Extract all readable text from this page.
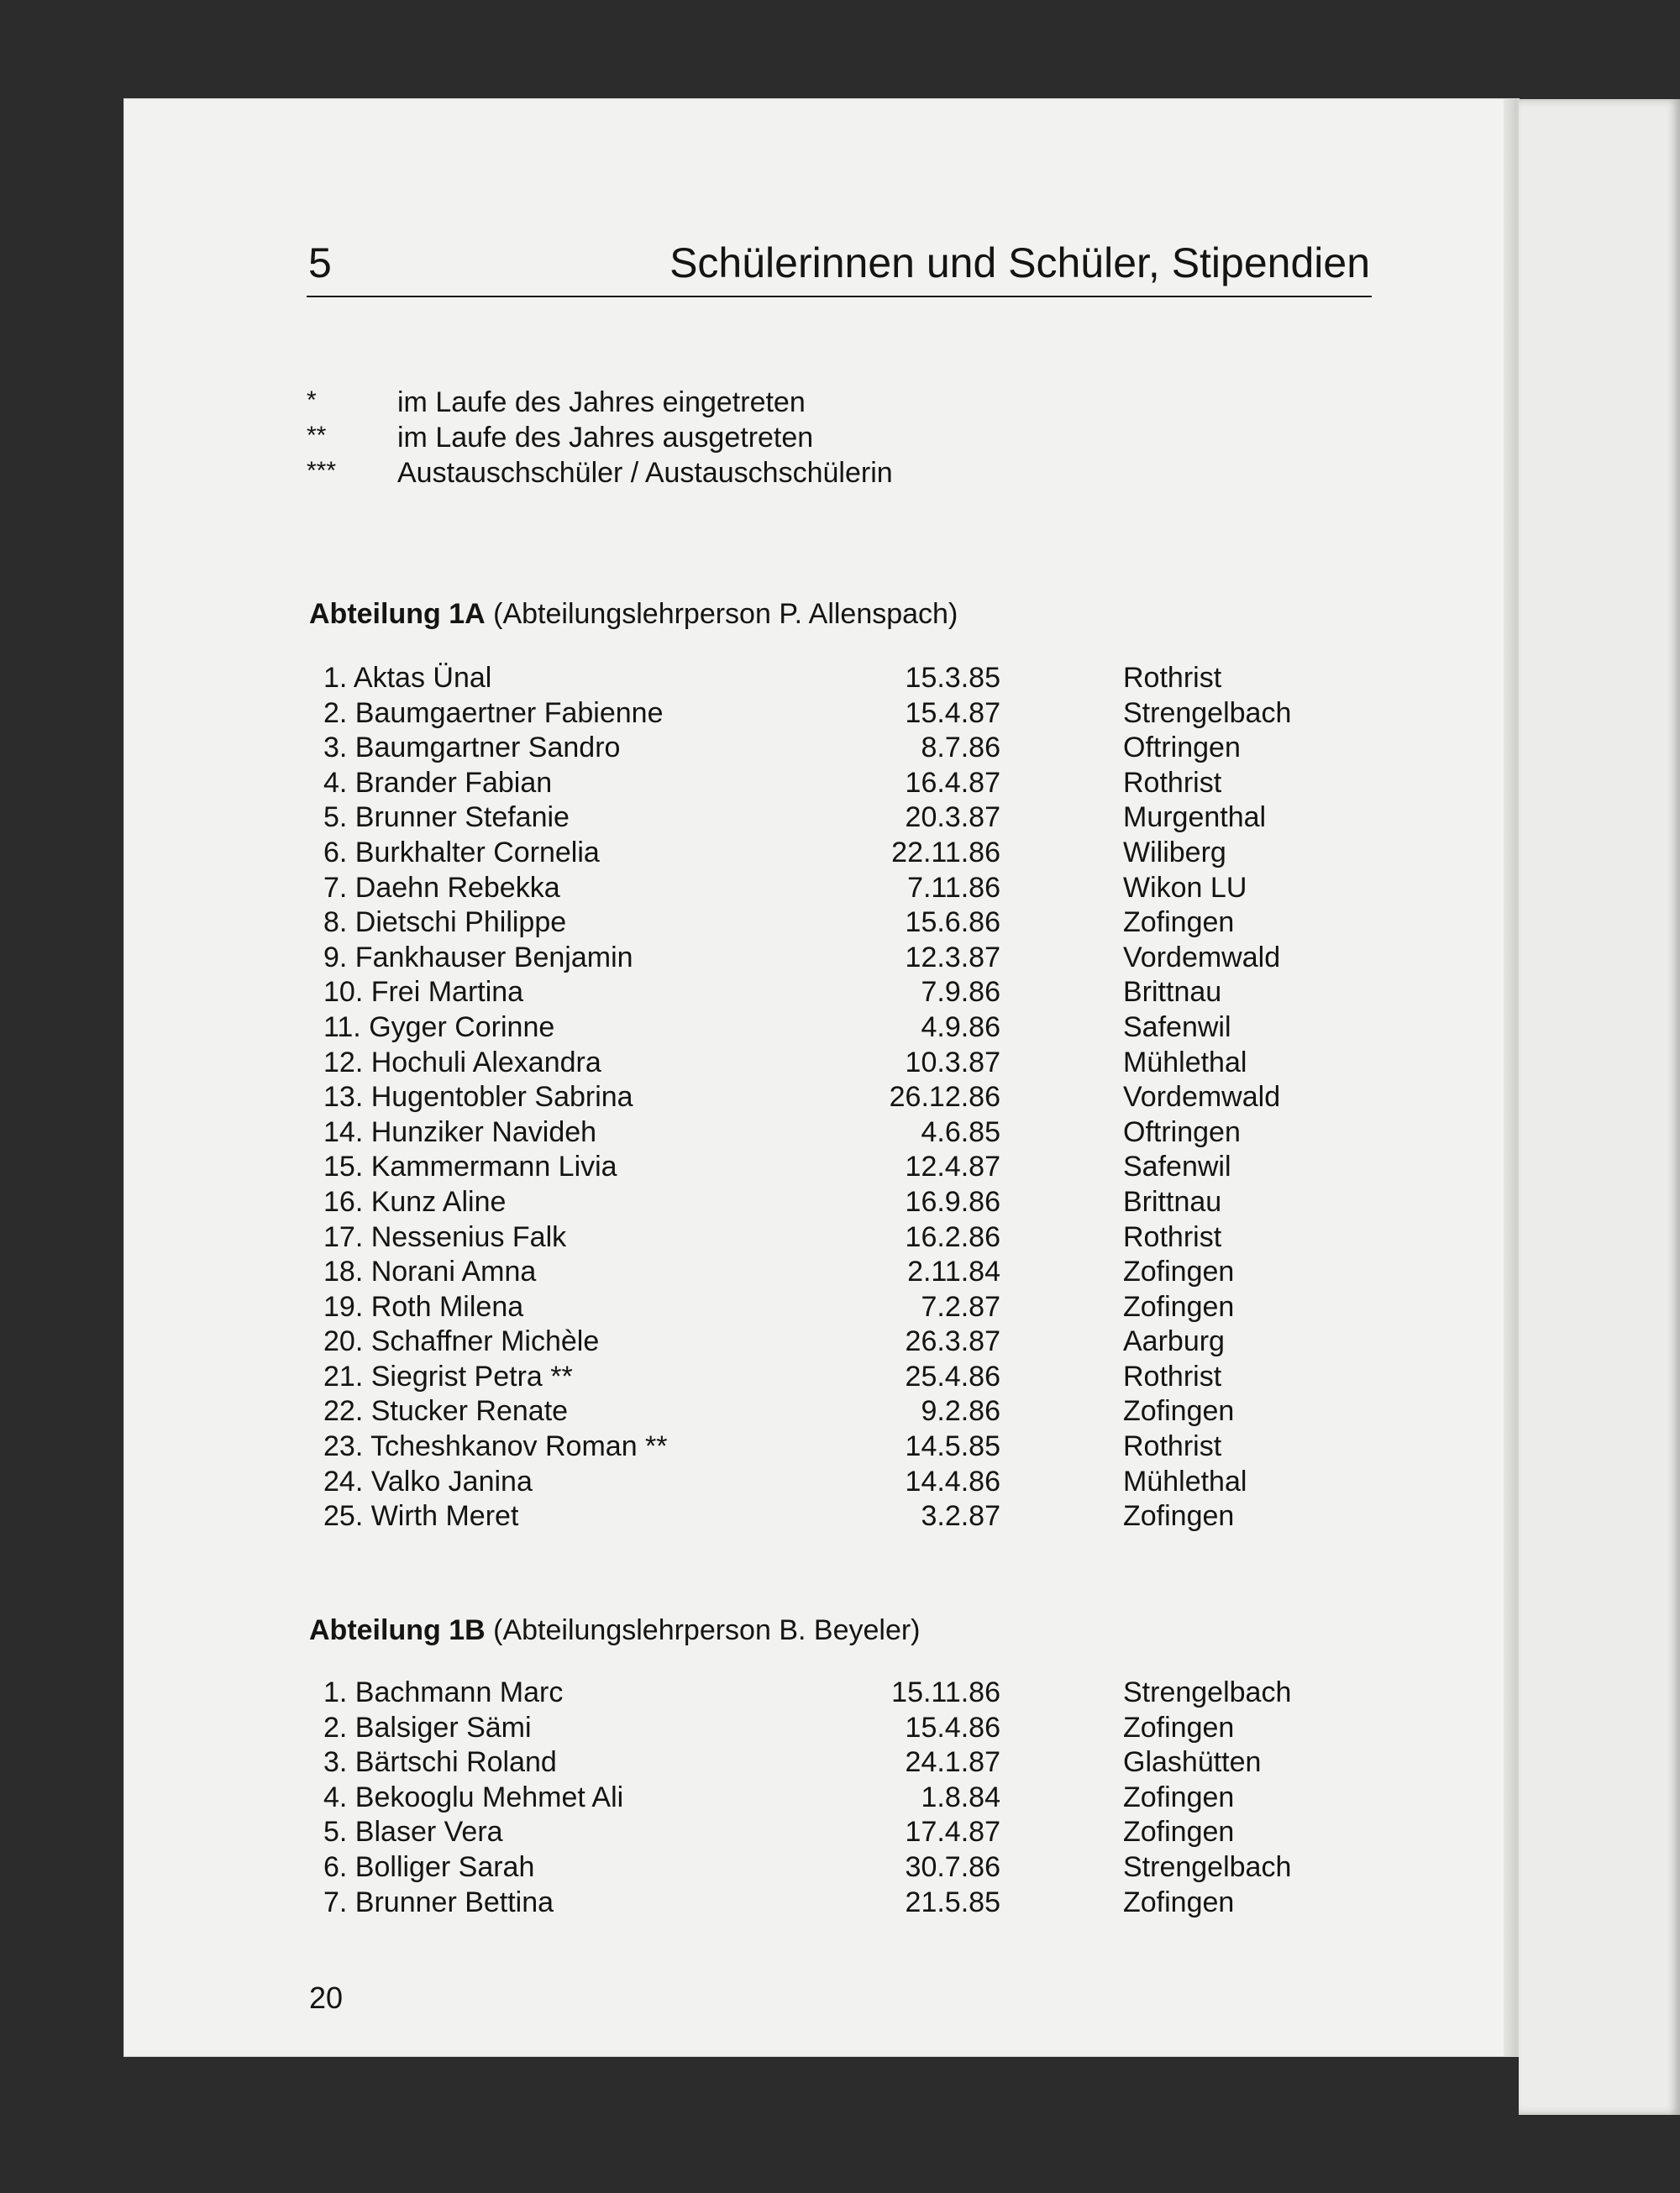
5	Schülerinnen und Schüler, Stipendien
*	im Laufe des Jahres eingetreten
**	im Laufe des Jahres ausgetreten
***	Austauschschüler / Austauschschülerin
Abteilung 1A (Abteilungslehrperson P. Allenspach)
1. Aktas Ünal	15.3.85	Rothrist
2. Baumgaertner Fabienne	15.4.87	Strengelbach
3. Baumgartner Sandro	8.7.86	Oftringen
4. Brander Fabian	16.4.87	Rothrist
5. Brunner Stefanie	20.3.87	Murgenthal
6. Burkhalter Cornelia	22.11.86	Wiliberg
7. Daehn Rebekka	7.11.86	Wikon LU
8. Dietschi Philippe	15.6.86	Zofingen
9. Fankhauser Benjamin	12.3.87	Vordemwald
10. Frei Martina	7.9.86	Brittnau
11. Gyger Corinne	4.9.86	Safenwil
12. Hochuli Alexandra	10.3.87	Mühlethal
13. Hugentobler Sabrina	26.12.86	Vordemwald
14. Hunziker Navideh	4.6.85	Oftringen
15. Kammermann Livia	12.4.87	Safenwil
16. Kunz Aline	16.9.86	Brittnau
17. Nessenius Falk	16.2.86	Rothrist
18. Norani Amna	2.11.84	Zofingen
19. Roth Milena	7.2.87	Zofingen
20. Schaffner Michèle	26.3.87	Aarburg
21. Siegrist Petra **	25.4.86	Rothrist
22. Stucker Renate	9.2.86	Zofingen
23. Tcheshkanov Roman **	14.5.85	Rothrist
24. Valko Janina	14.4.86	Mühlethal
25. Wirth Meret	3.2.87	Zofingen
Abteilung 1B (Abteilungslehrperson B. Beyeler)
1. Bachmann Marc	15.11.86	Strengelbach
2. Balsiger Sämi	15.4.86	Zofingen
3. Bärtschi Roland	24.1.87	Glashütten
4. Bekooglu Mehmet Ali	1.8.84	Zofingen
5. Blaser Vera	17.4.87	Zofingen
6. Bolliger Sarah	30.7.86	Strengelbach
7. Brunner Bettina	21.5.85	Zofingen
20
